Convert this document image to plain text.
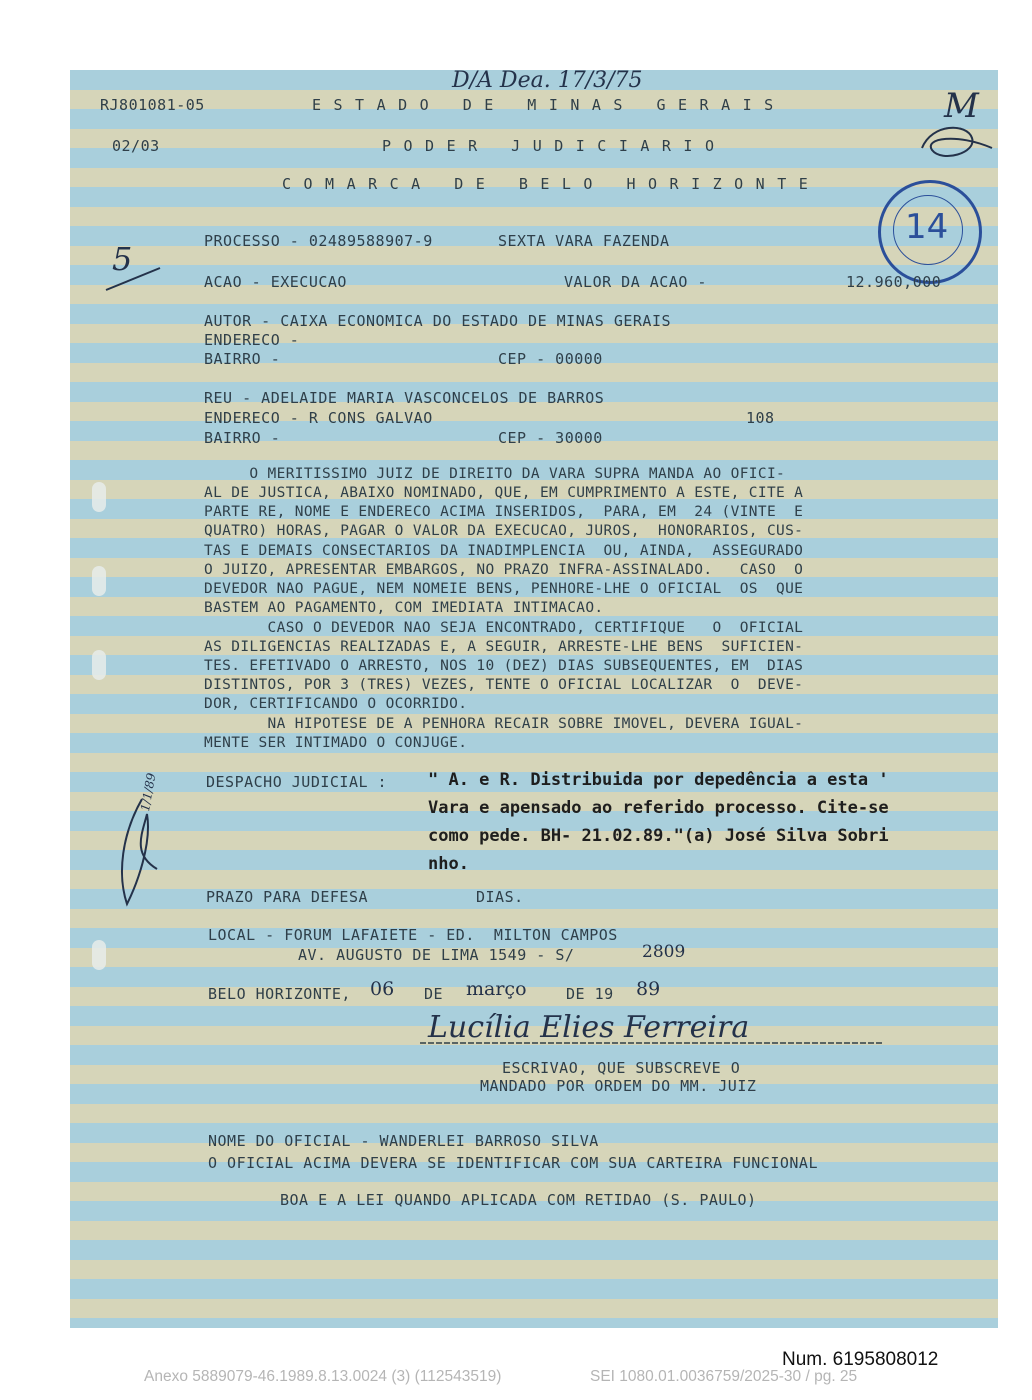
D/A Dea. 17/3/75
M
5
RJ801081-05	ESTADO DE MINAS GERAIS
02/03	PODER JUDICIARIO
COMARCA DE BELO HORIZONTE
14
PROCESSO - 02489588907-9	SEXTA VARA FAZENDA
ACAO - EXECUCAO	VALOR DA ACAO -	12.960,000
AUTOR - CAIXA ECONOMICA DO ESTADO DE MINAS GERAIS
ENDERECO -
BAIRRO -	CEP - 00000
REU - ADELAIDE MARIA VASCONCELOS DE BARROS
ENDERECO - R CONS GALVAO	108
BAIRRO -	CEP - 30000
O MERITISSIMO JUIZ DE DIREITO DA VARA SUPRA MANDA AO OFICI-
AL DE JUSTICA, ABAIXO NOMINADO, QUE, EM CUMPRIMENTO A ESTE, CITE A
PARTE RE, NOME E ENDERECO ACIMA INSERIDOS,  PARA, EM  24 (VINTE  E
QUATRO) HORAS, PAGAR O VALOR DA EXECUCAO, JUROS,  HONORARIOS, CUS-
TAS E DEMAIS CONSECTARIOS DA INADIMPLENCIA  OU, AINDA,  ASSEGURADO
O JUIZO, APRESENTAR EMBARGOS, NO PRAZO INFRA-ASSINALADO.   CASO  O
DEVEDOR NAO PAGUE, NEM NOMEIE BENS, PENHORE-LHE O OFICIAL  OS  QUE
BASTEM AO PAGAMENTO, COM IMEDIATA INTIMACAO.
CASO O DEVEDOR NAO SEJA ENCONTRADO, CERTIFIQUE   O  OFICIAL
AS DILIGENCIAS REALIZADAS E, A SEGUIR, ARRESTE-LHE BENS  SUFICIEN-
TES. EFETIVADO O ARRESTO, NOS 10 (DEZ) DIAS SUBSEQUENTES, EM  DIAS
DISTINTOS, POR 3 (TRES) VEZES, TENTE O OFICIAL LOCALIZAR  O  DEVE-
DOR, CERTIFICANDO O OCORRIDO.
NA HIPOTESE DE A PENHORA RECAIR SOBRE IMOVEL, DEVERA IGUAL-
MENTE SER INTIMADO O CONJUGE.
DESPACHO JUDICIAL : " A. e R. Distribuida por depedência a esta '
Vara e apensado ao referido processo. Cite-se
como pede. BH- 21.02.89."(a) José Silva Sobri
nho.
1/1/89
PRAZO PARA DEFESA	DIAS.
LOCAL - FORUM LAFAIETE - ED.  MILTON CAMPOS
AV. AUGUSTO DE LIMA 1549 - S/	2809
BELO HORIZONTE, 06 DE março	DE 19 89
Lucília Elies Ferreira
ESCRIVAO, QUE SUBSCREVE O
MANDADO POR ORDEM DO MM. JUIZ
NOME DO OFICIAL - WANDERLEI BARROSO SILVA
O OFICIAL ACIMA DEVERA SE IDENTIFICAR COM SUA CARTEIRA FUNCIONAL
BOA E A LEI QUANDO APLICADA COM RETIDAO (S. PAULO)
Num. 6195808012
Anexo 5889079-46.1989.8.13.0024 (3) (112543519)	SEI 1080.01.0036759/2025-30 / pg. 25
